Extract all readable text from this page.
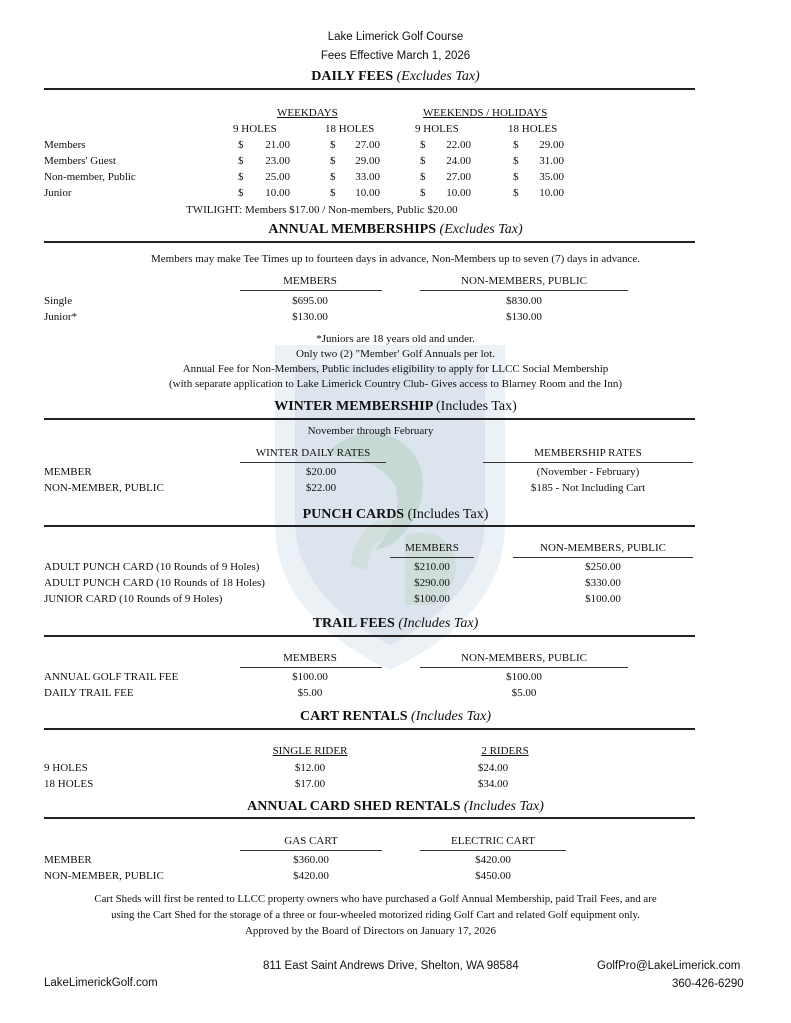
Lake Limerick Golf Course
Fees Effective March 1, 2026
DAILY FEES (Excludes Tax)
WEEKDAYS	WEEKENDS / HOLIDAYS
9 HOLES	18 HOLES	9 HOLES	18 HOLES
Members	$	21.00	$	27.00	$	22.00	$	29.00
Members' Guest	$	23.00	$	29.00	$	24.00	$	31.00
Non-member, Public	$	25.00	$	33.00	$	27.00	$	35.00
Junior	$	10.00	$	10.00	$	10.00	$	10.00
TWILIGHT: Members $17.00 / Non-members, Public $20.00
ANNUAL MEMBERSHIPS (Excludes Tax)
Members may make Tee Times up to fourteen days in advance, Non-Members up to seven (7) days in advance.
MEMBERS	NON-MEMBERS, PUBLIC
Single	$695.00	$830.00
Junior*	$130.00	$130.00
*Juniors are 18 years old and under.
Only two (2) "Member' Golf Annuals per lot.
Annual Fee for Non-Members, Public includes eligibility to apply for LLCC Social Membership
(with separate application to Lake Limerick Country Club- Gives access to Blarney Room and the Inn)
WINTER MEMBERSHIP (Includes Tax)
November through February
WINTER DAILY RATES	MEMBERSHIP RATES
MEMBER	$20.00	(November - February)
NON-MEMBER, PUBLIC	$22.00	$185 - Not Including Cart
PUNCH CARDS (Includes Tax)
MEMBERS	NON-MEMBERS, PUBLIC
ADULT PUNCH CARD (10 Rounds of 9 Holes)	$210.00	$250.00
ADULT PUNCH CARD (10 Rounds of 18 Holes)	$290.00	$330.00
JUNIOR CARD (10 Rounds of 9 Holes)	$100.00	$100.00
TRAIL FEES (Includes Tax)
MEMBERS	NON-MEMBERS, PUBLIC
ANNUAL GOLF TRAIL FEE	$100.00	$100.00
DAILY TRAIL FEE	$5.00	$5.00
CART RENTALS (Includes Tax)
SINGLE RIDER	2 RIDERS
9 HOLES	$12.00	$24.00
18 HOLES	$17.00	$34.00
ANNUAL CARD SHED RENTALS (Includes Tax)
GAS CART	ELECTRIC CART
MEMBER	$360.00	$420.00
NON-MEMBER, PUBLIC	$420.00	$450.00
Cart Sheds will first be rented to LLCC property owners who have purchased a Golf Annual Membership, paid Trail Fees, and are
using the Cart Shed for the storage of a three or four-wheeled motorized riding Golf Cart and related Golf equipment only.
Approved by the Board of Directors on January 17, 2026
811 East Saint Andrews Drive, Shelton, WA 98584	GolfPro@LakeLimerick.com
LakeLimerickGolf.com	360-426-6290
